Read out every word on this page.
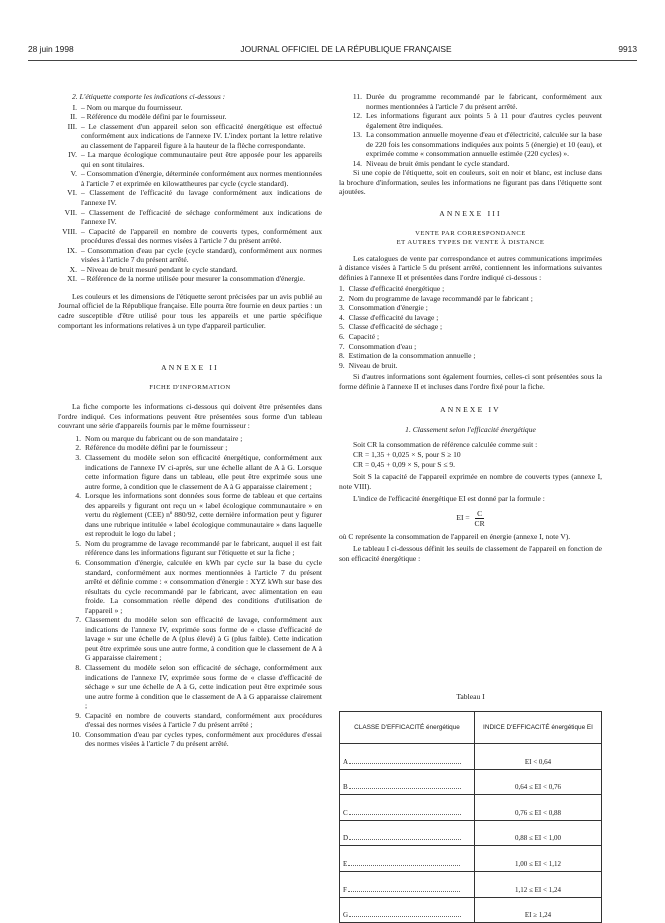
28 juin 1998	JOURNAL OFFICIEL DE LA RÉPUBLIQUE FRANÇAISE	9913

2. L'étiquette comporte les indications ci-dessous :

I. – Nom ou marque du fournisseur.
II. – Référence du modèle défini par le fournisseur.
III. – Le classement d'un appareil selon son efficacité énergétique est effectué conformément aux indications de l'annexe IV. L'index portant la lettre relative au classement de l'appareil figure à la hauteur de la flèche correspondante.
IV. – La marque écologique communautaire peut être apposée pour les appareils qui en sont titulaires.
V. – Consommation d'énergie, déterminée conformément aux normes mentionnées à l'article 7 et exprimée en kilowattheures par cycle (cycle standard).
VI. – Classement de l'efficacité du lavage conformément aux indications de l'annexe IV.
VII. – Classement de l'efficacité de séchage conformément aux indications de l'annexe IV.
VIII. – Capacité de l'appareil en nombre de couverts types, conformément aux procédures d'essai des normes visées à l'article 7 du présent arrêté.
IX. – Consommation d'eau par cycle (cycle standard), conformément aux normes visées à l'article 7 du présent arrêté.
X. – Niveau de bruit mesuré pendant le cycle standard.
XI. – Référence de la norme utilisée pour mesurer la consommation d'énergie.

Les couleurs et les dimensions de l'étiquette seront précisées par un avis publié au Journal officiel de la République française. Elle pourra être fournie en deux parties : un cadre susceptible d'être utilisé pour tous les appareils et une partie spécifique comportant les informations relatives à un type d'appareil particulier.

ANNEXE II

FICHE D'INFORMATION

La fiche comporte les informations ci-dessous qui doivent être présentées dans l'ordre indiqué. Ces informations peuvent être présentées sous forme d'un tableau couvrant une série d'appareils fournis par le même fournisseur :

1. Nom ou marque du fabricant ou de son mandataire ;
2. Référence du modèle défini par le fournisseur ;
3. Classement du modèle selon son efficacité énergétique, conformément aux indications de l'annexe IV ci-après, sur une échelle allant de A à G. Lorsque cette information figure dans un tableau, elle peut être exprimée sous une autre forme, à condition que le classement de A à G apparaisse clairement ;
4. Lorsque les informations sont données sous forme de tableau et que certains des appareils y figurant ont reçu un « label écologique communautaire » en vertu du règlement (CEE) nº 880/92, cette dernière information peut y figurer dans une rubrique intitulée « label écologique communautaire » dans laquelle est reproduit le logo du label ;
5. Nom du programme de lavage recommandé par le fabricant, auquel il est fait référence dans les informations figurant sur l'étiquette et sur la fiche ;
6. Consommation d'énergie, calculée en kWh par cycle sur la base du cycle standard, conformément aux normes mentionnées à l'article 7 du présent arrêté et définie comme : « consommation d'énergie : XYZ kWh sur base des résultats du cycle recommandé par le fabricant, avec alimentation en eau froide. La consommation réelle dépend des conditions d'utilisation de l'appareil » ;
7. Classement du modèle selon son efficacité de lavage, conformément aux indications de l'annexe IV, exprimée sous forme de « classe d'efficacité de lavage » sur une échelle de A (plus élevé) à G (plus faible). Cette indication peut être exprimée sous une autre forme, à condition que le classement de A à G apparaisse clairement ;
8. Classement du modèle selon son efficacité de séchage, conformément aux indications de l'annexe IV, exprimée sous forme de « classe d'efficacité de séchage » sur une échelle de A à G, cette indication peut être exprimée sous une autre forme à condition que le classement de A à G apparaisse clairement ;
9. Capacité en nombre de couverts standard, conformément aux procédures d'essai des normes visées à l'article 7 du présent arrêté ;
10. Consommation d'eau par cycles types, conformément aux procédures d'essai des normes visées à l'article 7 du présent arrêté.
11. Durée du programme recommandé par le fabricant, conformément aux normes mentionnées à l'article 7 du présent arrêté.
12. Les informations figurant aux points 5 à 11 pour d'autres cycles peuvent également être indiquées.
13. La consommation annuelle moyenne d'eau et d'électricité, calculée sur la base de 220 fois les consommations indiquées aux points 5 (énergie) et 10 (eau), et exprimée comme « consommation annuelle estimée (220 cycles) ».
14. Niveau de bruit émis pendant le cycle standard.

Si une copie de l'étiquette, soit en couleurs, soit en noir et blanc, est incluse dans la brochure d'information, seules les informations ne figurant pas dans l'étiquette sont ajoutées.

ANNEXE III

VENTE PAR CORRESPONDANCE

ET AUTRES TYPES DE VENTE À DISTANCE

Les catalogues de vente par correspondance et autres communications imprimées à distance visées à l'article 5 du présent arrêté, contiennent les informations suivantes définies à l'annexe II et présentées dans l'ordre indiqué ci-dessous :

1. Classe d'efficacité énergétique ;
2. Nom du programme de lavage recommandé par le fabricant ;
3. Consommation d'énergie ;
4. Classe d'efficacité du lavage ;
5. Classe d'efficacité de séchage ;
6. Capacité ;
7. Consommation d'eau ;
8. Estimation de la consommation annuelle ;
9. Niveau de bruit.

Si d'autres informations sont également fournies, celles-ci sont présentées sous la forme définie à l'annexe II et incluses dans l'ordre fixé pour la fiche.

ANNEXE IV

1. Classement selon l'efficacité énergétique

Soit CR la consommation de référence calculée comme suit :

CR = 1,35 + 0,025 × S, pour S ≥ 10

CR = 0,45 + 0,09 × S, pour S ≤ 9.

Soit S la capacité de l'appareil exprimée en nombre de couverts types (annexe I, note VIII).

L'indice de l'efficacité énergétique EI est donné par la formule :

EI = $\frac{C}{CR}$

où C représente la consommation de l'appareil en énergie (annexe I, note V).

Le tableau I ci-dessous définit les seuils de classement de l'appareil en fonction de son efficacité énergétique :

Tableau I

CLASSE D'EFFICACITÉ énergétique	INDICE D'EFFICACITÉ énergétique EI
A	EI < 0,64
B	0,64 ≤ EI < 0,76
C	0,76 ≤ EI < 0,88
D	0,88 ≤ EI < 1,00
E	1,00 ≤ EI < 1,12
F	1,12 ≤ EI < 1,24
G	EI ≥ 1,24
